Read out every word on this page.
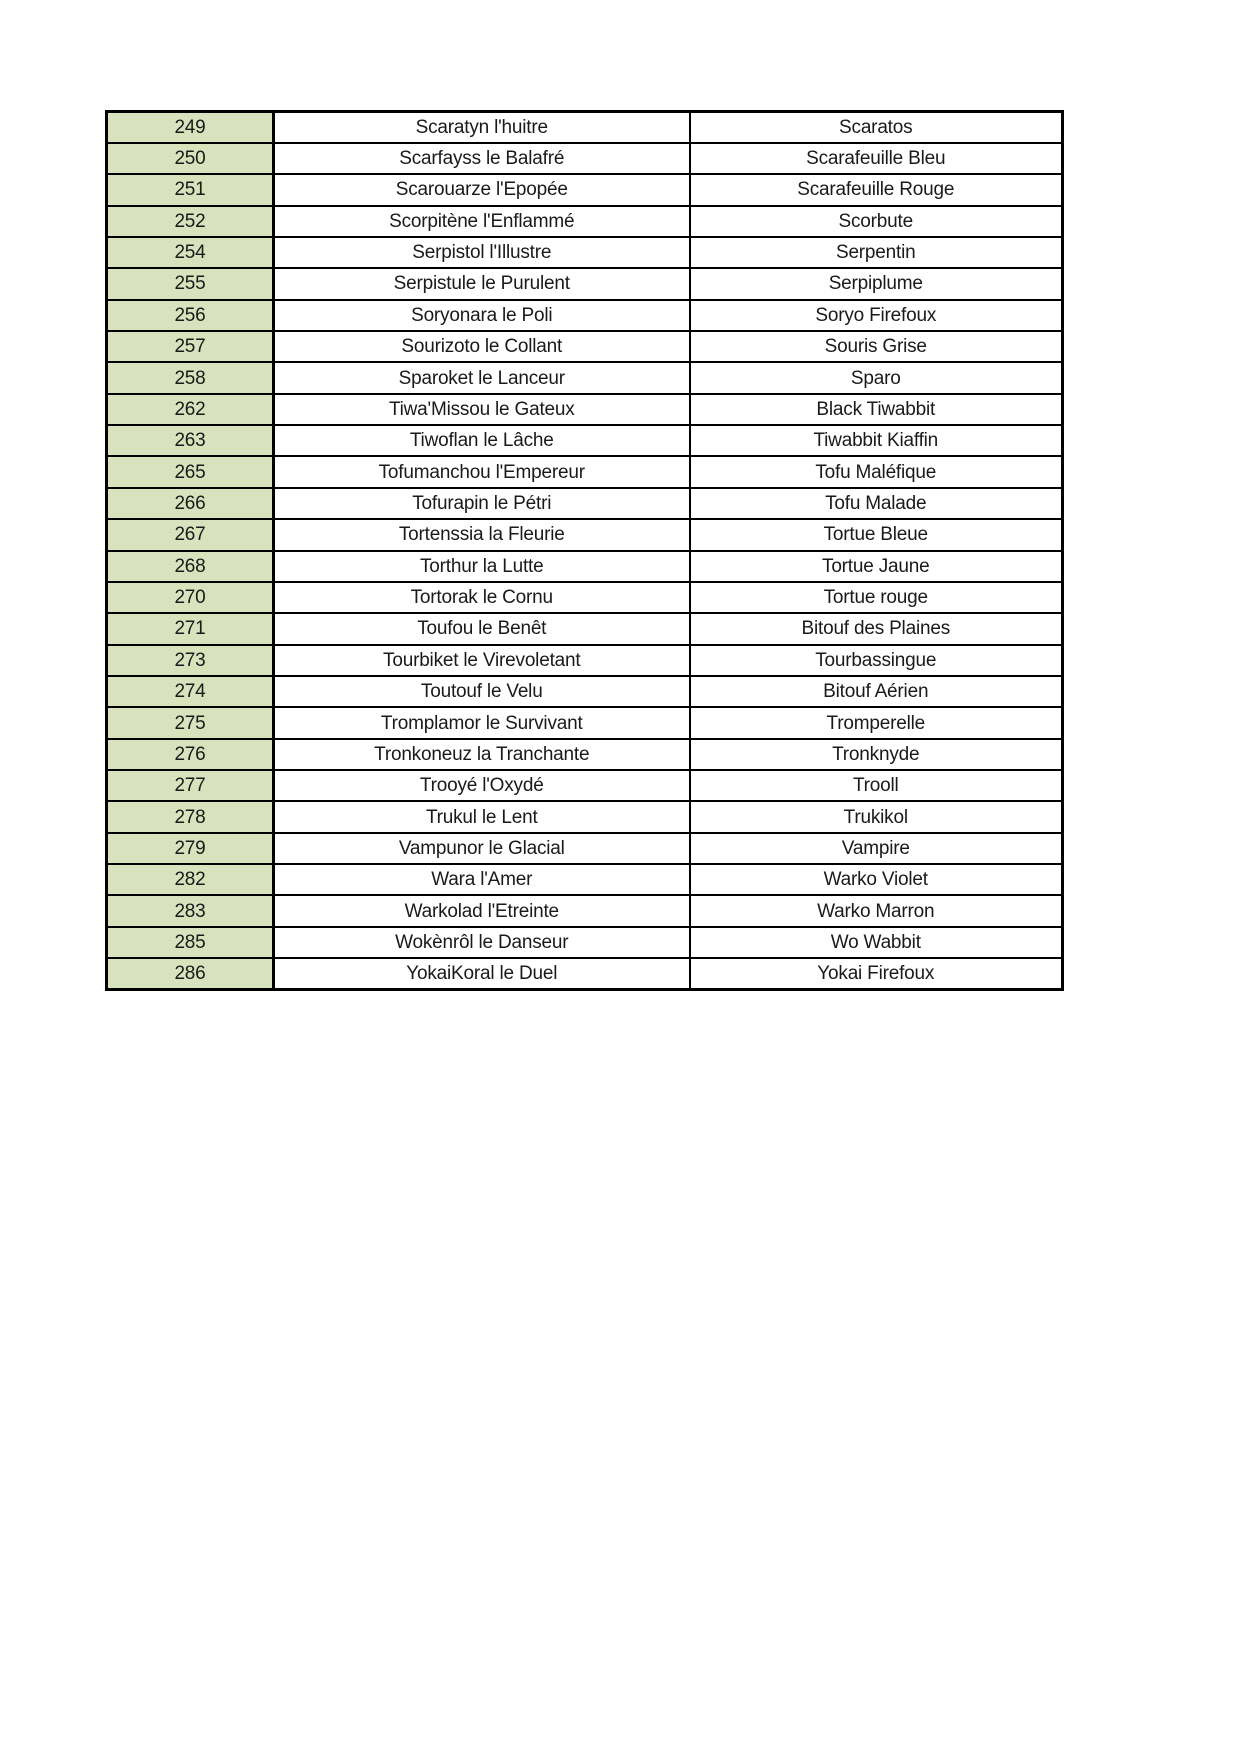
249	Scaratyn l'huitre	Scaratos
250	Scarfayss le Balafré	Scarafeuille Bleu
251	Scarouarze l'Epopée	Scarafeuille Rouge
252	Scorpitène l'Enflammé	Scorbute
254	Serpistol l'Illustre	Serpentin
255	Serpistule le Purulent	Serpiplume
256	Soryonara le Poli	Soryo Firefoux
257	Sourizoto le Collant	Souris Grise
258	Sparoket le Lanceur	Sparo
262	Tiwa'Missou le Gateux	Black Tiwabbit
263	Tiwoflan le Lâche	Tiwabbit Kiaffin
265	Tofumanchou l'Empereur	Tofu Maléfique
266	Tofurapin le Pétri	Tofu Malade
267	Tortenssia la Fleurie	Tortue Bleue
268	Torthur la Lutte	Tortue Jaune
270	Tortorak le Cornu	Tortue rouge
271	Toufou le Benêt	Bitouf des Plaines
273	Tourbiket le Virevoletant	Tourbassingue
274	Toutouf le Velu	Bitouf Aérien
275	Tromplamor le Survivant	Tromperelle
276	Tronkoneuz la Tranchante	Tronknyde
277	Trooyé l'Oxydé	Trooll
278	Trukul le Lent	Trukikol
279	Vampunor le Glacial	Vampire
282	Wara l'Amer	Warko Violet
283	Warkolad l'Etreinte	Warko Marron
285	Wokènrôl le Danseur	Wo Wabbit
286	YokaiKoral le Duel	Yokai Firefoux
